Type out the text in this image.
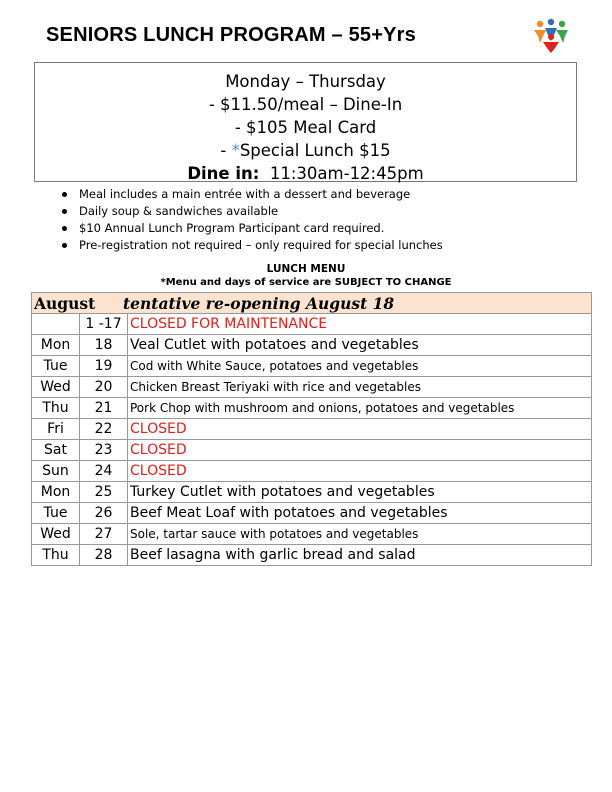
SENIORS LUNCH PROGRAM – 55+Yrs
Monday – Thursday
- $11.50/meal – Dine-In
- $105 Meal Card
- *Special Lunch $15
Dine in: 11:30am-12:45pm
Meal includes a main entrée with a dessert and beverage
Daily soup & sandwiches available
$10 Annual Lunch Program Participant card required.
Pre-registration not required – only required for special lunches
LUNCH MENU
*Menu and days of service are SUBJECT TO CHANGE
August tentative re-opening August 18		
	1 -17	CLOSED FOR MAINTENANCE
Mon	18	Veal Cutlet with potatoes and vegetables
Tue	19	Cod with White Sauce, potatoes and vegetables
Wed	20	Chicken Breast Teriyaki with rice and vegetables
Thu	21	Pork Chop with mushroom and onions, potatoes and vegetables
Fri	22	CLOSED
Sat	23	CLOSED
Sun	24	CLOSED
Mon	25	Turkey Cutlet with potatoes and vegetables
Tue	26	Beef Meat Loaf with potatoes and vegetables
Wed	27	Sole, tartar sauce with potatoes and vegetables
Thu	28	Beef lasagna with garlic bread and salad
